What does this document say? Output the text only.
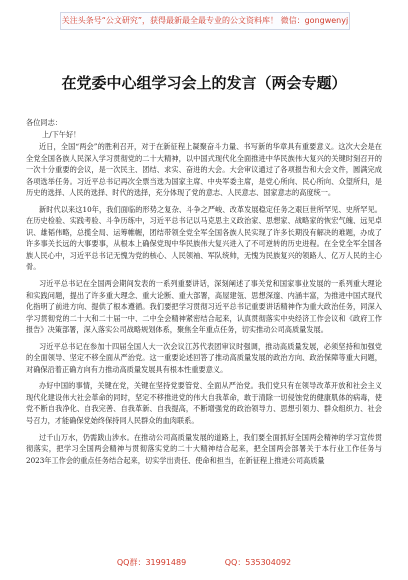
关注头条号“公文研究”，获得最新最全最专业的公文资料库！ 微信：gongwenyj
在党委中心组学习会上的发言（两会专题）

各位同志：

上/下午好！

近日，全国“两会”的胜利召开，对于在新征程上凝聚奋斗力量、书写新的华章具有重要意义。这次大会是在全党全国各族人民深入学习贯彻党的二十大精神，以中国式现代化全面推进中华民族伟大复兴的关键时刻召开的一次十分重要的会议，是一次民主、团结、求实、奋进的大会。大会审议通过了各项报告和大会文件，圆满完成各项选举任务。习近平总书记再次全票当选为国家主席、中央军委主席，是党心所向、民心所向、众望所归，是历史的选择、人民的选择、时代的选择，充分体现了党的意志、人民意志、国家意志的高度统一。

新时代以来这10年，我们面临的形势之复杂、斗争之严峻、改革发展稳定任务之艰巨世所罕见、史所罕见。在历史检验、实践考验、斗争历练中，习近平总书记以马克思主义政治家、思想家、战略家的恢宏气魄、远见卓识、雄韬伟略，总揽全局、运筹帷幄，团结带领全党全军全国各族人民实现了许多长期没有解决的难题，办成了许多事关长远的大事要事，从根本上确保党现中华民族伟大复兴进入了不可逆转的历史进程。在全党全军全国各族人民心中，习近平总书记无愧为党的核心、人民领袖、军队统帅，无愧为民族复兴的领路人、亿万人民的主心骨。

习近平总书记在全国两会期间发表的一系列重要讲话，深刻阐述了事关党和国家事业发展的一系列重大理论和实践问题，提出了许多重大理念、重大论断、重大部署，高屋建瓴、思想深邃、内涵丰富，为推进中国式现代化指明了前进方向、提供了根本遵循。我们要把学习贯彻习近平总书记重要讲话精神作为重大政治任务，同深入学习贯彻党的二十大和二十届一中、二中全会精神紧密结合起来，认真贯彻落实中央经济工作会议和《政府工作报告》决策部署，深入落实公司战略规划体系，聚焦全年重点任务，切实推动公司高质量发展。

习近平总书记在参加十四届全国人大一次会议江苏代表团审议时强调，推动高质量发展，必须坚持和加强党的全面领导、坚定不移全面从严治党。这一重要论述回答了推动高质量发展的政治方向、政治保障等重大问题，对确保沿着正确方向有力推动高质量发展具有根本性重要意义。

办好中国的事情，关键在党，关键在坚持党要管党、全面从严治党。我们党只有在领导改革开放和社会主义现代化建设伟大社会革命的同时，坚定不移推进党的伟大自我革命，敢于清除一切侵蚀党的健康肌体的病毒，使党不断自我净化、自我完善、自我革新、自我提高，不断增强党的政治领导力、思想引领力、群众组织力、社会号召力，才能确保党始终保持同人民群众的血肉联系。

过千山万水，仍需跋山涉水。在推动公司高质量发展的道路上，我们要全面抓好全国两会精神的学习宣传贯彻落实，把学习全国两会精神与贯彻落实党的二十大精神结合起来，把全国两会部署关于本行业工作任务与2023年工作会的重点任务结合起来，切实学出责任、使命和担当，在新征程上推进公司高质量

QQ群：31991489	QQ：535304092
